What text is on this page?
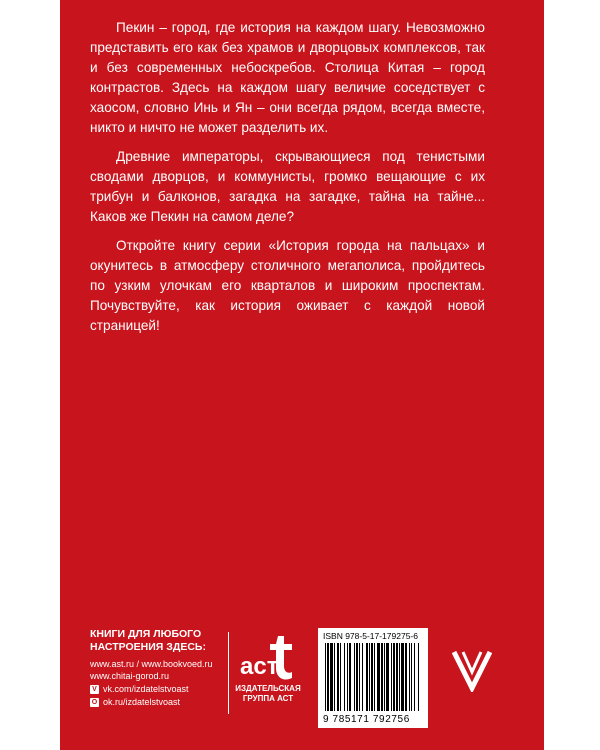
Пекин – город, где история на каждом шагу. Невозможно представить его как без храмов и дворцовых комплексов, так и без современных небоскребов. Столица Китая – город контрастов. Здесь на каждом шагу величие соседствует с хаосом, словно Инь и Ян – они всегда рядом, всегда вместе, никто и ничто не может разделить их.

Древние императоры, скрывающиеся под тенистыми сводами дворцов, и коммунисты, громко вещающие с их трибун и балконов, загадка на загадке, тайна на тайне... Каков же Пекин на самом деле?

Откройте книгу серии «История города на пальцах» и окунитесь в атмосферу столичного мегаполиса, пройдитесь по узким улочкам его кварталов и широким проспектам. Почувствуйте, как история оживает с каждой новой страницей!

КНИГИ ДЛЯ ЛЮБОГО
НАСТРОЕНИЯ ЗДЕСЬ:
www.ast.ru / www.bookvoed.ru
www.chitai-gorod.ru
V vk.com/izdatelstvoast
O ok.ru/izdatelstvoast
аст
ИЗДАТЕЛЬСКАЯ
ГРУППА АСТ
ISBN 978-5-17-179275-6
9 785171 792756
